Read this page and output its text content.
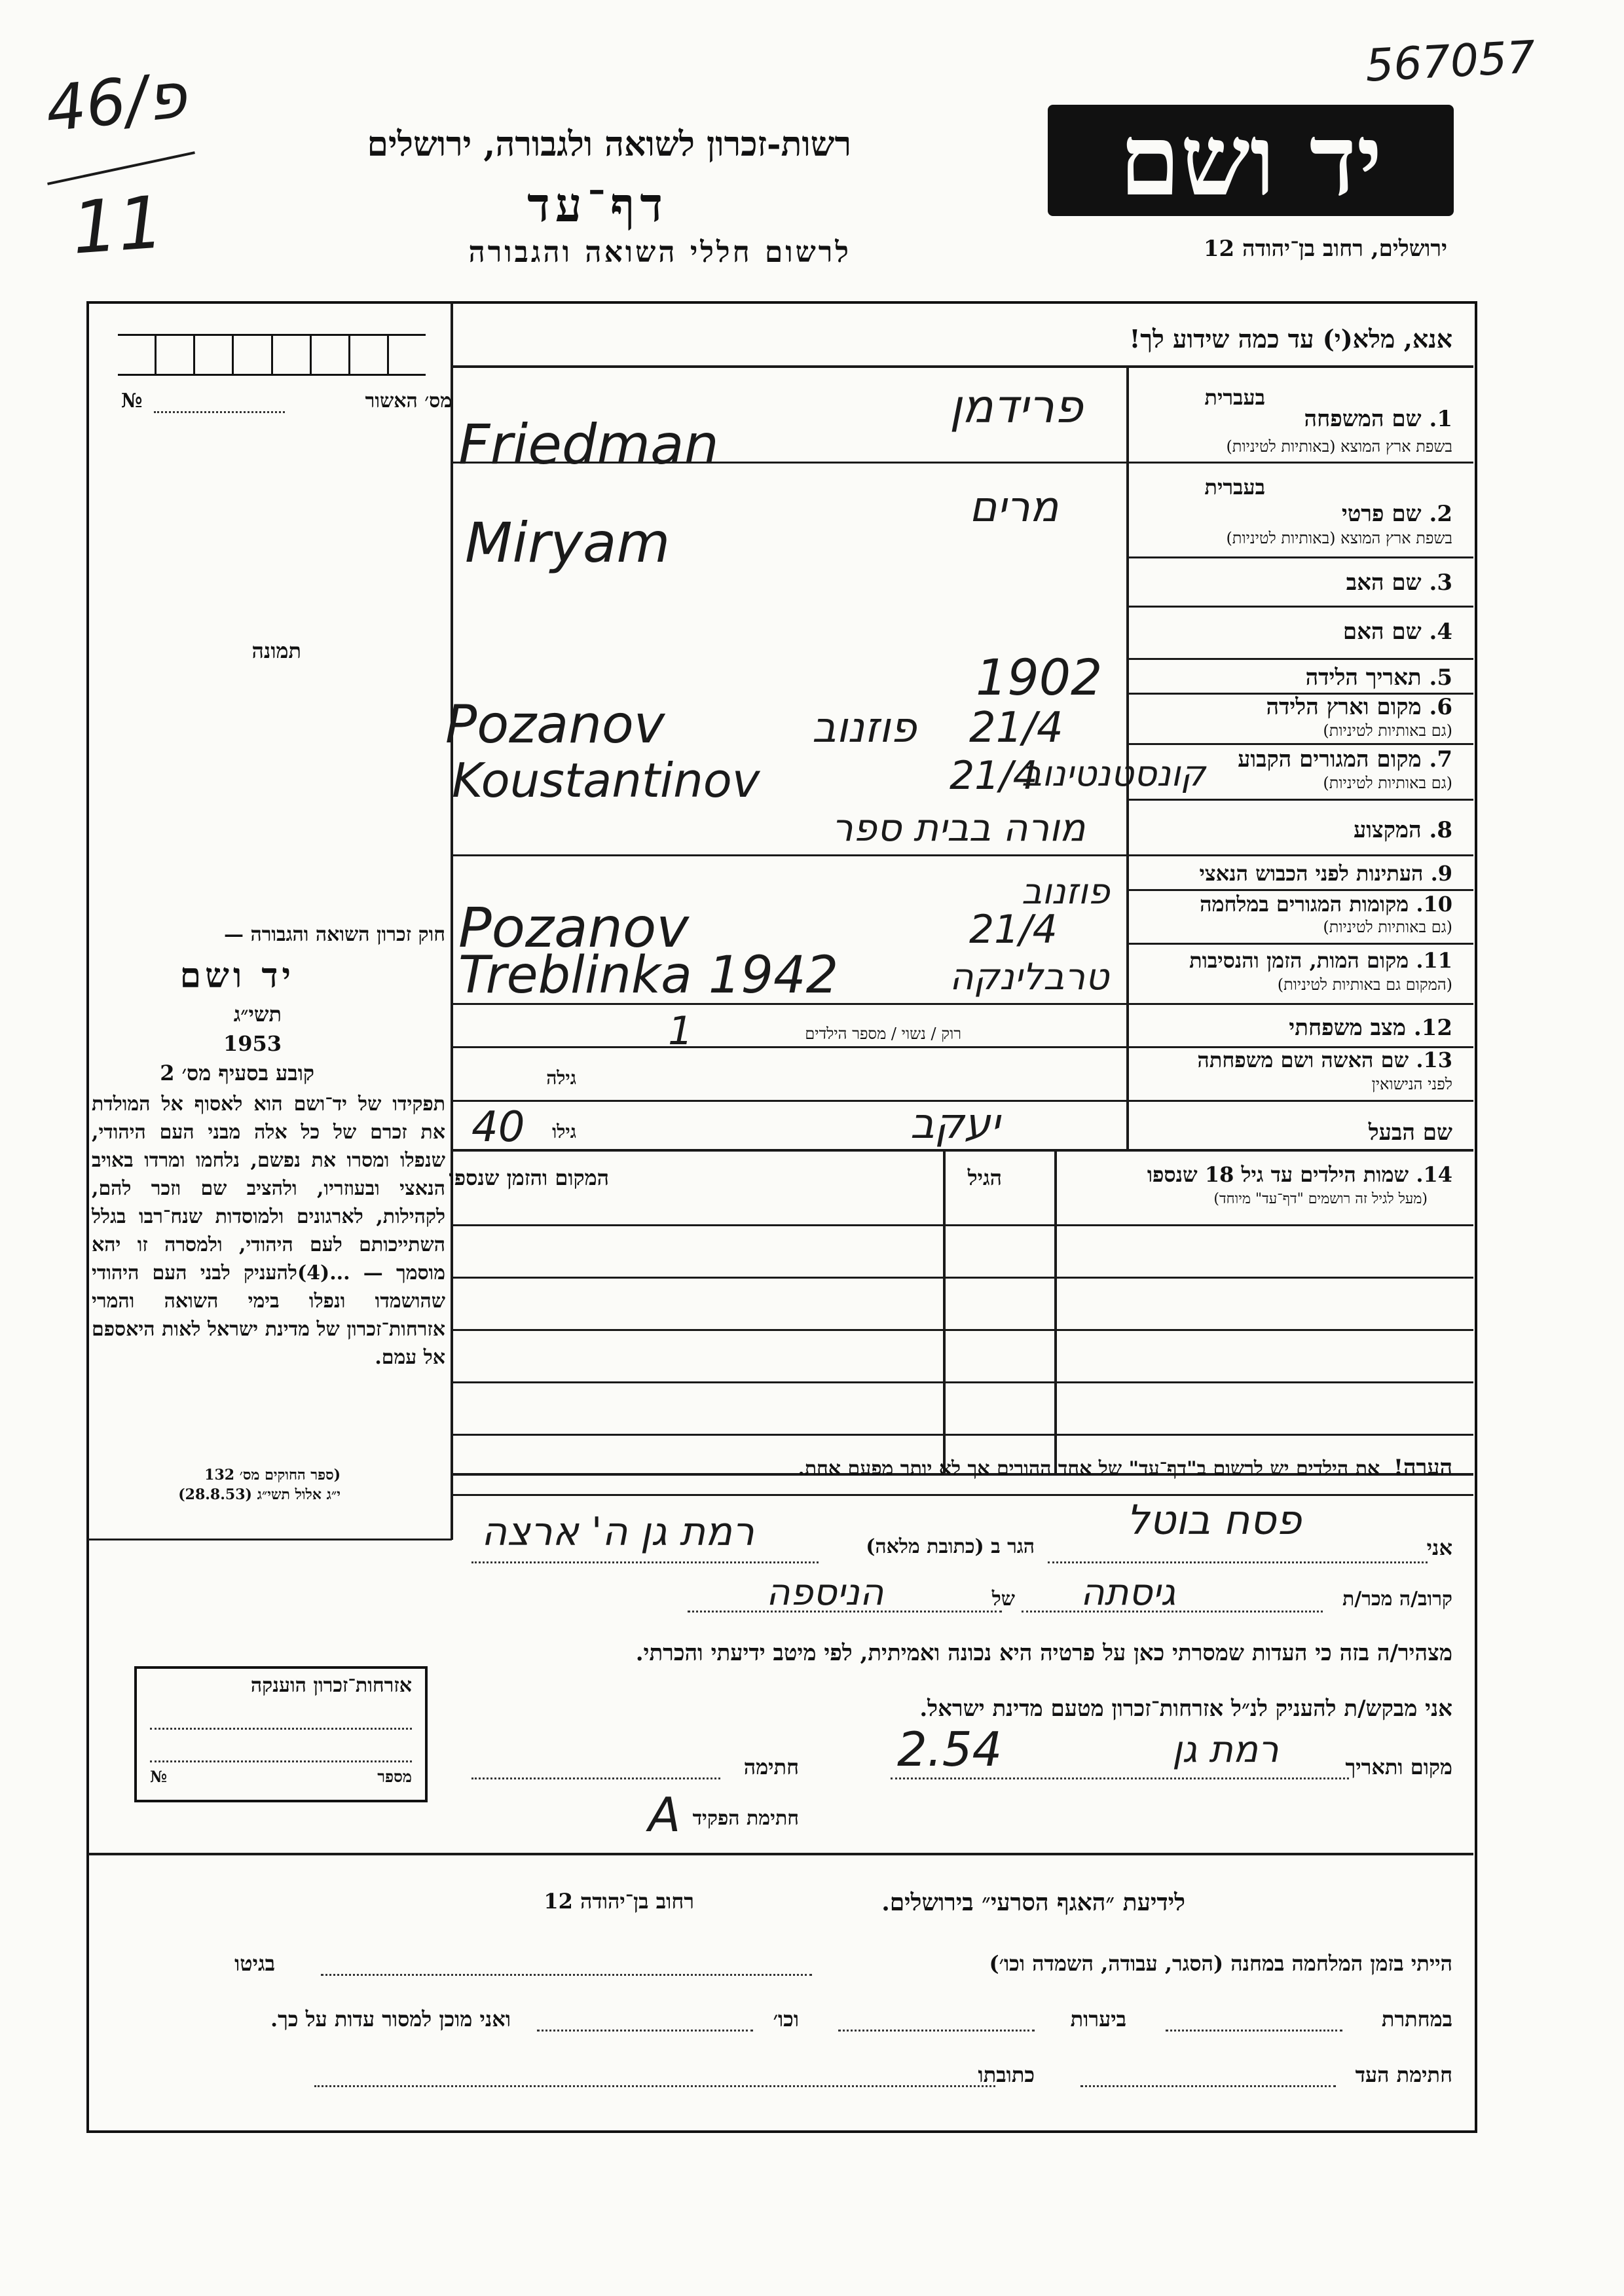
46/פ
11
567057
רשות-זכרון לשואה ולגבורה, ירושלים
דף־עד
לרשום חללי השואה והגבורה
יד ושם
ירושלים, רחוב בן־יהודה 12
מס׳ האשור
№
תמונה
אנא, מלא(י) עד כמה שידוע לך!
בעברית
1. שם המשפחה
בשפת ארץ המוצא (באותיות לטיניות)
בעברית
2. שם פרטי
בשפת ארץ המוצא (באותיות לטיניות)
3. שם האב
4. שם האם
5. תאריך הלידה
6. מקום וארץ הלידה
(גם באותיות לטיניות)
7. מקום המגורים הקבוע
(גם באותיות לטיניות)
8. המקצוע
9. העתינות לפני הכבוש הנאצי
10. מקומות המגורים במלחמה
(גם באותיות לטיניות)
11. מקום המות, הזמן והנסיבות
(המקום גם באותיות לטיניות)
12. מצב משפחתי
13. שם האשה ושם משפחתה
לפני הנישואין
שם הבעל
רוק / נשוי / מספר הילדים
גילה
גילו
פרידמן
Friedman
מרים
Miryam
1902
21/4
פוזנוב
Pozanov
21/4
קונסטנטינוב
Koustantinov
מורה בבית ספר
פוזנוב
21/4
Pozanov
טרבלינקה
Treblinka 1942
1
40	יעקב
14. שמות הילדים עד גיל 18 שנספו
(מעל לגיל זה רושמים "דף־עד" מיוחד)
הגיל
המקום והזמן שנספו
הערה!  את הילדים יש לרשום ב"דף־עד" של אחד ההורים אך לא יותר מפעם אחת.
חוק זכרון השואה והגבורה —
יד ושם
תשי״ג
1953
קובע בסעיף מס׳ 2
תפקידו של יד־ושם הוא לאסוף אל המולדת את זכרם של כל אלה מבני העם היהודי, שנפלו ומסרו את נפשם, נלחמו ומרדו באויב הנאצי ובעוזריו, ולהציב שם וזכר להם, לקהילות, לארגונים ולמוסדות שנח־רבו בגלל השתייכותם לעם היהודי, ולמסרה זו יהא מוסמך — ...(4)להעניק לבני העם היהודי שהושמדו ונפלו בימי השואה והמרי אזרחות־זכרון של מדינת ישראל לאות היאספם אל עמם.
(ספר החוקים מס׳ 132
י״ג אלול תשי״ג (28.8.53)
אני
פסח בוטל
הגר ב (כתובת מלאה)
רמת גן ה' ארצה
קרוב/ה מכר/ת
גיסתה
של
הניספה
מצהיר/ה בזה כי העדות שמסרתי כאן על פרטיה היא נכונה ואמיתית, לפי מיטב ידיעתי והכרתי.
אני מבקש/ת להעניק לנ״ל אזרחות־זכרון מטעם מדינת ישראל.
מקום ותאריך
רמת גן
2.54
חתימה
חתימת הפקיד
A
אזרחות־זכרון הוענקה
מספר
№
לידיעת ״האגף הסרעי״ בירושלים.
רחוב בן־יהודה 12
הייתי בזמן המלחמה במחנה (הסגר, עבודה, השמדה וכו׳)
בגיטו
במחתרת
ביערות
וכו׳
ואני מוכן למסור עדות על כך.
חתימת העד
כתובתו
